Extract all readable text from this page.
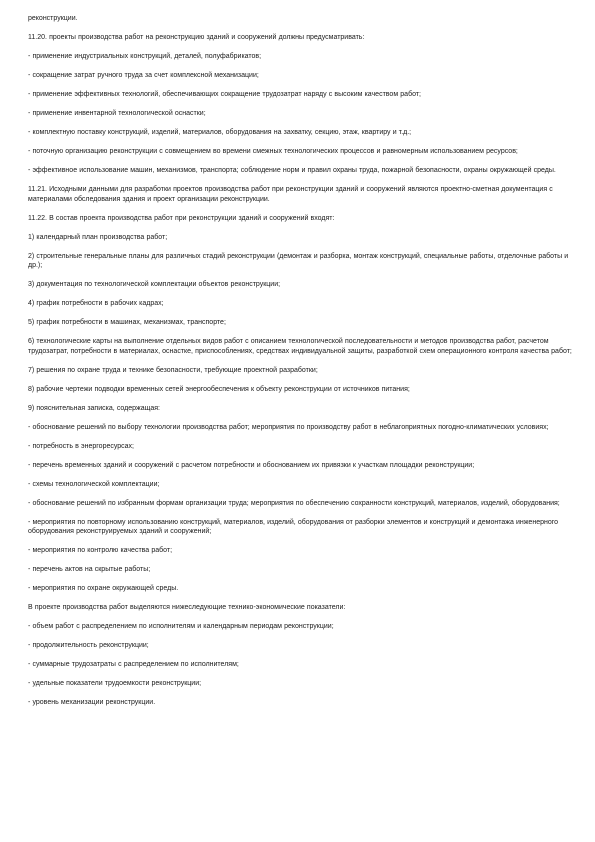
реконструкции.

11.20. проекты производства работ на реконструкцию зданий и сооружений должны предусматривать:

- применение индустриальных конструкций, деталей, полуфабрикатов;

- сокращение затрат ручного труда за счет комплексной механизации;

- применение эффективных технологий, обеспечивающих сокращение трудозатрат наряду с высоким качеством работ;

- применение инвентарной технологической оснастки;

- комплектную поставку конструкций, изделий, материалов, оборудования на захватку, секцию, этаж, квартиру и т.д.;

- поточную организацию реконструкции с совмещением во времени смежных технологических процессов и равномерным использованием ресурсов;

- эффективное использование машин, механизмов, транспорта; соблюдение норм и правил охраны труда, пожарной безопасности, охраны окружающей среды.

11.21. Исходными данными для разработки проектов производства работ при реконструкции зданий и сооружений являются проектно-сметная документация с материалами обследования здания и проект организации реконструкции.

11.22. В состав проекта производства работ при реконструкции зданий и сооружений входят:

1) календарный план производства работ;

2) строительные генеральные планы для различных стадий реконструкции (демонтаж и разборка, монтаж конструкций, специальные работы, отделочные работы и др.);

3) документация по технологической комплектации объектов реконструкции;

4) график потребности в рабочих кадрах;

5) график потребности в машинах, механизмах, транспорте;

6) технологические карты на выполнение отдельных видов работ с описанием технологической последовательности и методов производства работ, расчетом трудозатрат, потребности в материалах, оснастке, приспособлениях, средствах индивидуальной защиты, разработкой схем операционного контроля качества работ;

7) решения по охране труда и технике безопасности, требующие проектной разработки;

8) рабочие чертежи подводки временных сетей энергообеспечения к объекту реконструкции от источников питания;

9) пояснительная записка, содержащая:

- обоснование решений по выбору технологии производства работ; мероприятия по производству работ в неблагоприятных погодно-климатических условиях;

- потребность в энергоресурсах;

- перечень временных зданий и сооружений с расчетом потребности и обоснованием их привязки к участкам площадки реконструкции;

- схемы технологической комплектации;

- обоснование решений по избранным формам организации труда; мероприятия по обеспечению сохранности конструкций, материалов, изделий, оборудования;

- мероприятия по повторному использованию конструкций, материалов, изделий, оборудования от разборки элементов и конструкций и демонтажа инженерного оборудования реконструируемых зданий и сооружений;

- мероприятия по контролю качества работ;

- перечень актов на скрытые работы;

- мероприятия по охране окружающей среды.

В проекте производства работ выделяются нижеследующие технико-экономические показатели:

- объем работ с распределением по исполнителям и календарным периодам реконструкции;

- продолжительность реконструкции;

- суммарные трудозатраты с распределением по исполнителям;

- удельные показатели трудоемкости реконструкции;

- уровень механизации реконструкции.
